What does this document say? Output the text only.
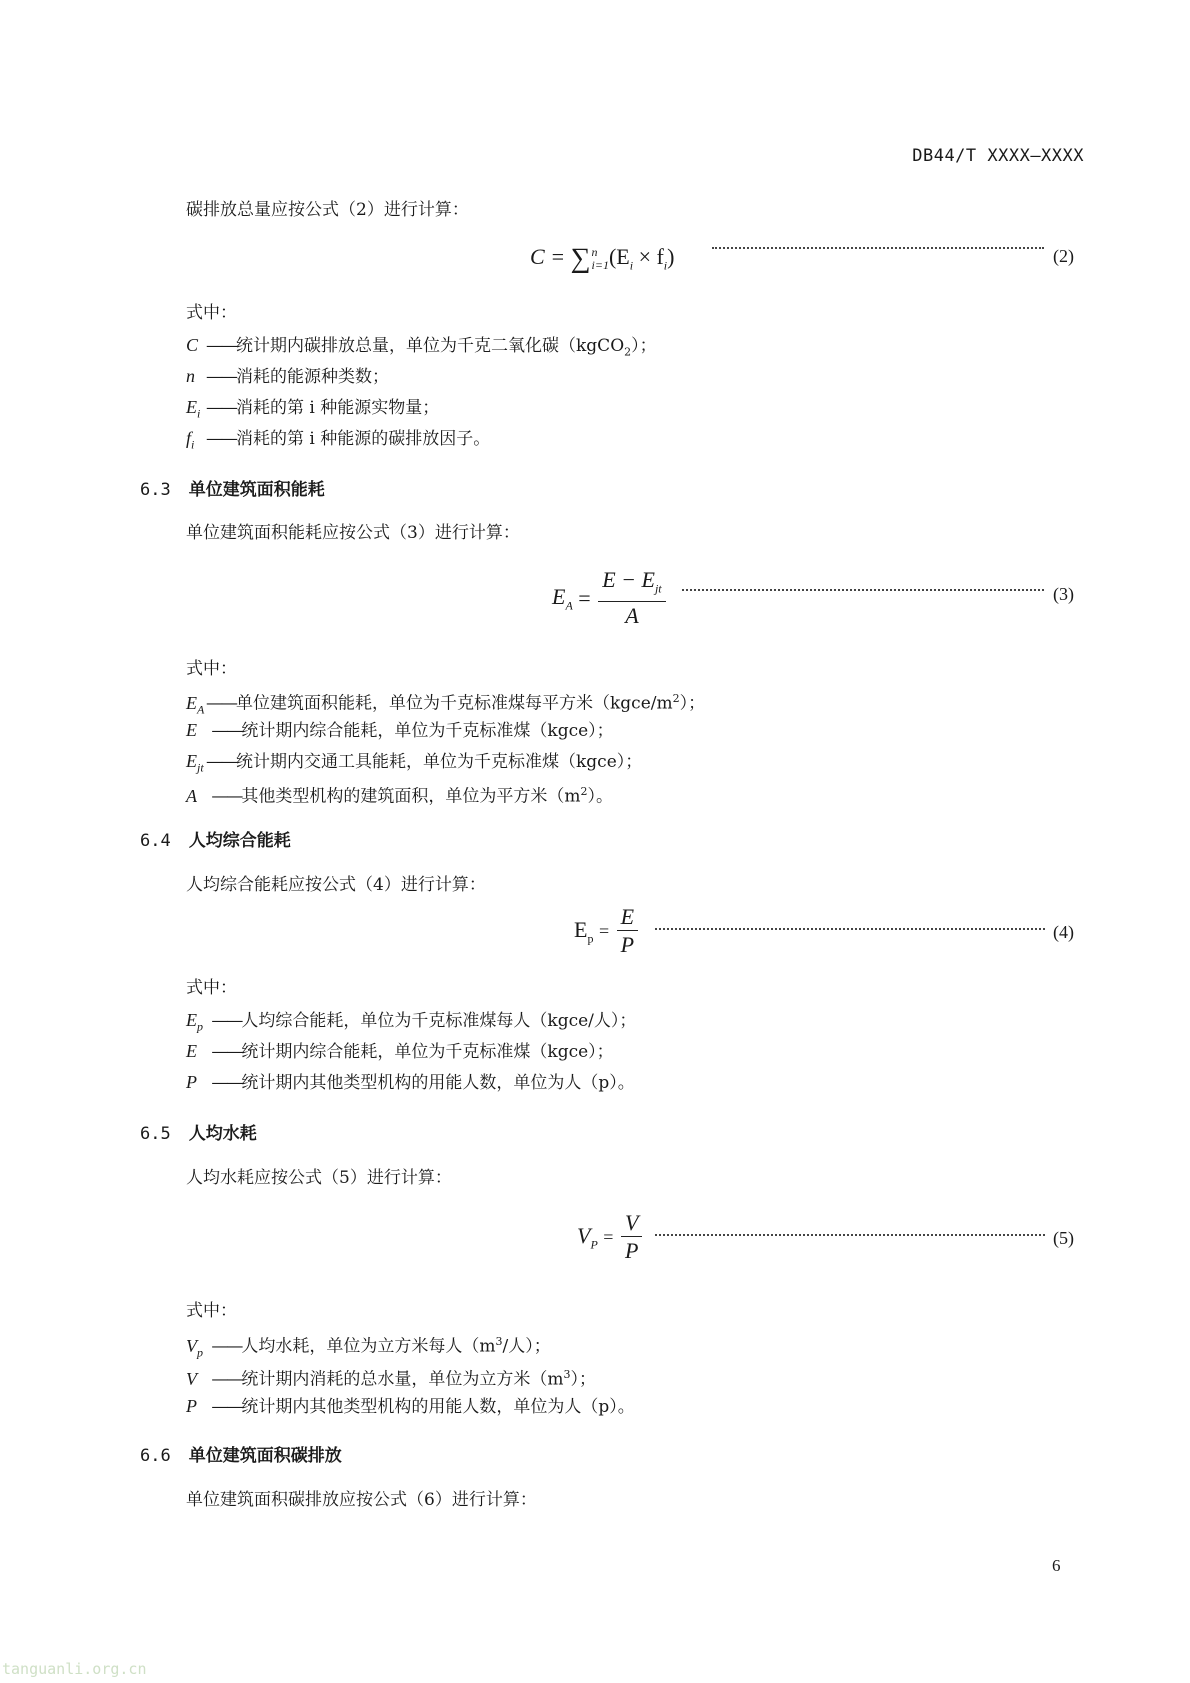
DB44/T XXXX—XXXX
碳排放总量应按公式（2）进行计算：
C = ∑ n
i=1 $(E_i \times f_i)$	(2)
式中：
C ——统计期内碳排放总量，单位为千克二氧化碳（kgCO$_2$）；
n ——消耗的能源种类数；
$E_i$ ——消耗的第 i 种能源实物量；
$f_i$ ——消耗的第 i 种能源的碳排放因子。
6.3 单位建筑面积能耗
单位建筑面积能耗应按公式（3）进行计算：
$E_A = \frac{E - E_{jt}}{A}$	(3)
式中：
$E_A——$单位建筑面积能耗，单位为千克标准煤每平方米$(kgce/m^2)$；
E ——统计期内综合能耗，单位为千克标准煤（kgce）；
$E_{jt}$ ——统计期内交通工具能耗，单位为千克标准煤（kgce）；
A ——其他类型机构的建筑面积，单位为平方米$(m^2)$。
6.4 人均综合能耗
人均综合能耗应按公式（4）进行计算：
$E_p = \frac{E}{P}$	(4)
式中：
$E_p$ ——人均综合能耗，单位为千克标准煤每人（kgce/人）；
E ——统计期内综合能耗，单位为千克标准煤（kgce）；
P ——统计期内其他类型机构的用能人数，单位为人（p）。
6.5 人均水耗
人均水耗应按公式（5）进行计算：
$V_P = \frac{V}{P}$	(5)
式中：
$V_p$ ——人均水耗，单位为立方米每人（$m^3/$人）；
V ——统计期内消耗的总水量，单位为立方米$(m^3)$；
P ——统计期内其他类型机构的用能人数，单位为人（p）。
6.6 单位建筑面积碳排放
单位建筑面积碳排放应按公式（6）进行计算：
6
tanguanli.org.cn
